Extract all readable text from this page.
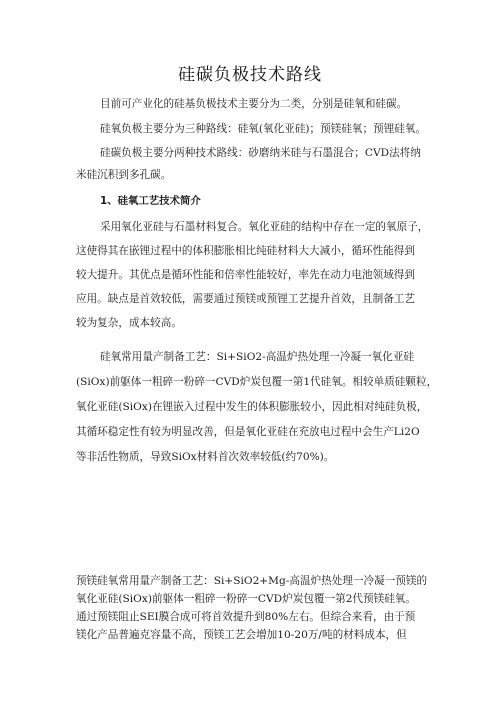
硅碳负极技术路线
目前可产业化的硅基负极技术主要分为二类，分别是硅氧和硅碳。
硅氧负极主要分为三种路线：硅氧(氧化亚硅)；预镁硅氧；预锂硅氧。
硅碳负极主要分两种技术路线：砂磨纳米硅与石墨混合；CVD法将纳
米硅沉积到多孔碳。
1、硅氧工艺技术简介
采用氧化亚硅与石墨材料复合。氧化亚硅的结构中存在一定的氧原子，
这使得其在嵌锂过程中的体积膨胀相比纯硅材料大大减小，循环性能得到
较大提升。其优点是循环性能和倍率性能较好，率先在动力电池领域得到
应用。缺点是首效较低，需要通过预镁或预锂工艺提升首效，且制备工艺
较为复杂，成本较高。
硅氧常用量产制备工艺：Si+SiO2-高温炉热处理一冷凝一氧化亚硅
(SiOx)前躯体一粗碎一粉碎一CVD炉炭包覆一第1代硅氧。相较单质硅颗粒，
氧化亚硅(SiOx)在锂嵌入过程中发生的体积膨胀较小，因此相对纯硅负极，
其循环稳定性有较为明显改善，但是氧化亚硅在充放电过程中会生产Li2O
等非活性物质，导致SiOx材料首次效率较低(约70%)。
预镁硅氧常用量产制备工艺：Si+SiO2+Mg-高温炉热处理一冷凝一预镁的
氧化亚硅(SiOx)前躯体一粗碎一粉碎一CVD炉炭包覆一第2代预镁硅氧。
通过预镁阻止SEI膜合成可将首效提升到80%左右。但综合来看，由于预
镁化产品普遍克容量不高，预镁工艺会增加10-20万/吨的材料成本，但
